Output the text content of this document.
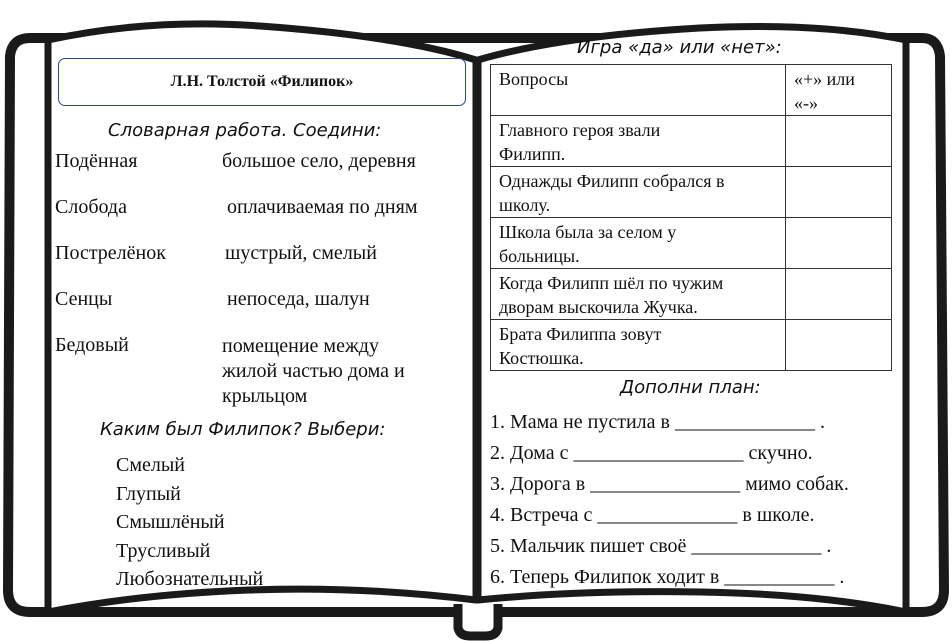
Л.Н. Толстой «Филипок»
Словарная работа. Соедини:
Подённая	большое село, деревня
Слобода	оплачиваемая по дням
Пострелёнок	шустрый, смелый
Сенцы	непоседа, шалун
Бедовый	помещение между
жилой частью дома и
крыльцом
Каким был Филипок? Выбери:
Смелый
Глупый
Смышлёный
Трусливый
Любознательный
Игра «да» или «нет»:
Вопросы	«+» или
«-»

Главного героя звали
Филипп.	

Однажды Филипп собрался в
школу.	

Школа была за селом у
больницы.	

Когда Филипп шёл по чужим
дворам выскочила Жучка.	

Брата Филиппа зовут
Костюшка.	

Дополни план:
1. Мама не пустила в ______________ .
2. Дома с _________________ скучно.
3. Дорога в _______________ мимо собак.
4. Встреча с ______________ в школе.
5. Мальчик пишет своё _____________ .
6. Теперь Филипок ходит в ___________ .
